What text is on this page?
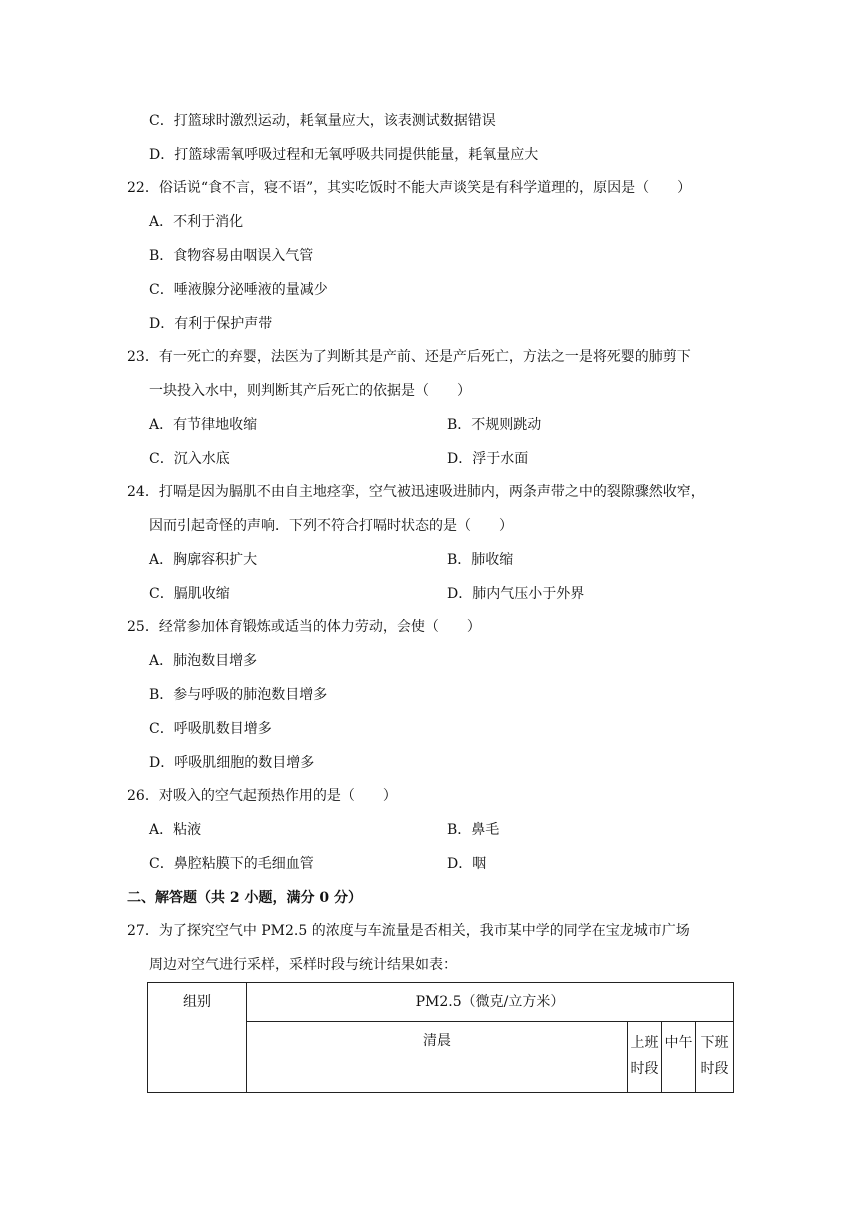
C．打篮球时激烈运动，耗氧量应大，该表测试数据错误
D．打篮球需氧呼吸过程和无氧呼吸共同提供能量，耗氧量应大
22．俗话说“食不言，寝不语”，其实吃饭时不能大声谈笑是有科学道理的，原因是（　　）
A．不利于消化
B．食物容易由咽误入气管
C．唾液腺分泌唾液的量减少
D．有利于保护声带
23．有一死亡的弃婴，法医为了判断其是产前、还是产后死亡，方法之一是将死婴的肺剪下
一块投入水中，则判断其产后死亡的依据是（　　）
A．有节律地收缩	B．不规则跳动
C．沉入水底	D．浮于水面
24．打嗝是因为膈肌不由自主地痉挛，空气被迅速吸进肺内，两条声带之中的裂隙骤然收窄，
因而引起奇怪的声响．下列不符合打嗝时状态的是（　　）
A．胸廓容积扩大	B．肺收缩
C．膈肌收缩	D．肺内气压小于外界
25．经常参加体育锻炼或适当的体力劳动，会使（　　）
A．肺泡数目增多
B．参与呼吸的肺泡数目增多
C．呼吸肌数目增多
D．呼吸肌细胞的数目增多
26．对吸入的空气起预热作用的是（　　）
A．粘液	B．鼻毛
C．鼻腔粘膜下的毛细血管	D．咽
二、解答题（共 2 小题，满分 0 分）
27．为了探究空气中 PM2.5 的浓度与车流量是否相关，我市某中学的同学在宝龙城市广场
周边对空气进行采样，采样时段与统计结果如表：
组别	PM2.5（微克/立方米）			

	清晨	上班时段	中午	下班时段
